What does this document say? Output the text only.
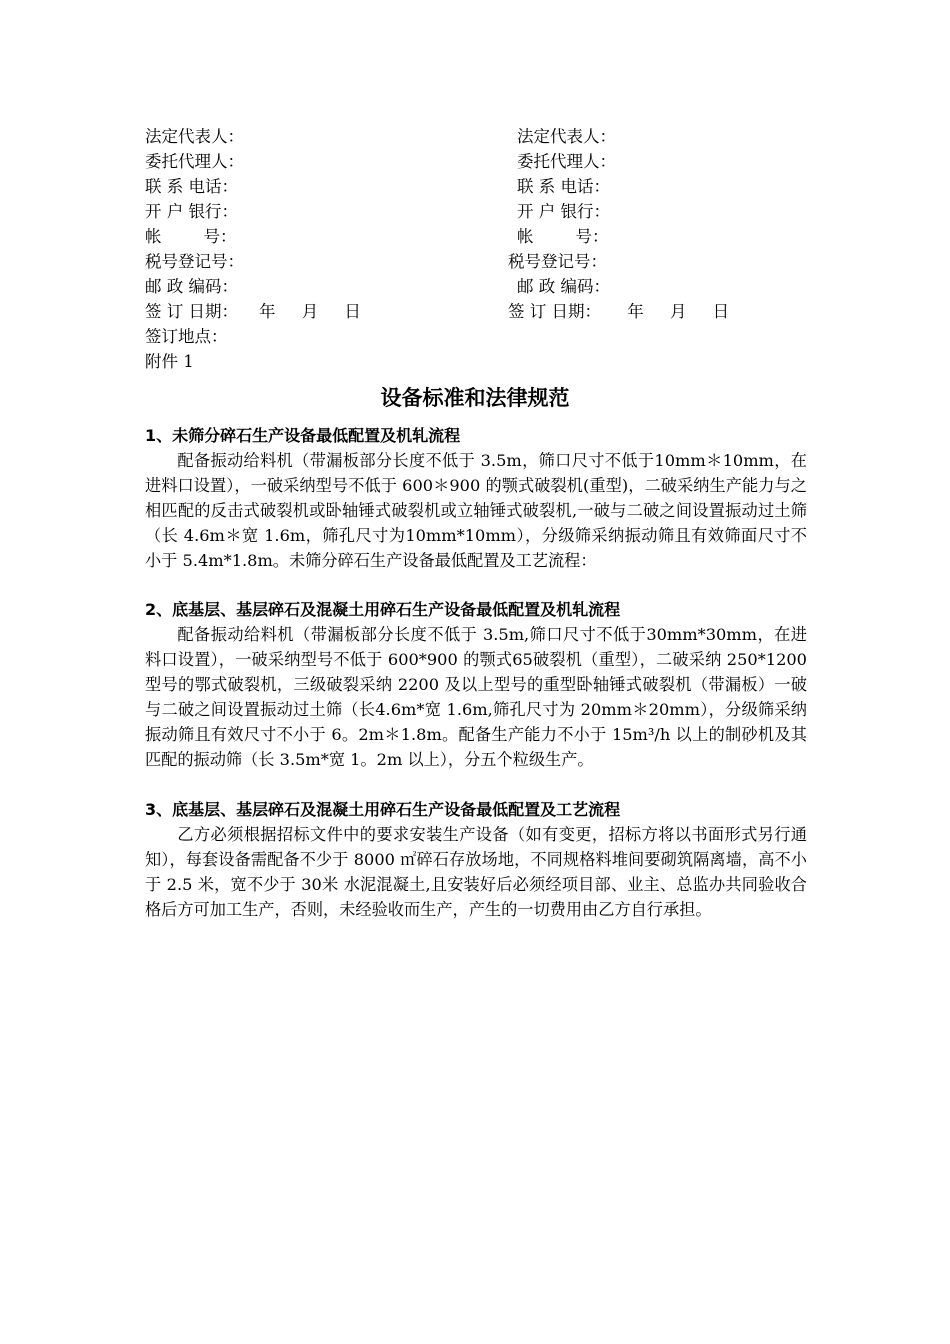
法定代表人：
委托代理人：
联 系 电话：
开 户 银行：
帐        号：
税号登记号：
邮 政 编码：
签 订 日期：    年     月     日
签订地点：
附件 1
法定代表人：
委托代理人：
联 系 电话：
开 户 银行：
帐        号：
税号登记号：
邮 政 编码：
签 订 日期：     年     月     日
设备标准和法律规范
1、未筛分碎石生产设备最低配置及机轧流程
配备振动给料机（带漏板部分长度不低于 3.5m，筛口尺寸不低于10mm＊10mm，在进料口设置），一破采纳型号不低于 600＊900 的颚式破裂机(重型)，二破采纳生产能力与之相匹配的反击式破裂机或卧轴锤式破裂机或立轴锤式破裂机,一破与二破之间设置振动过土筛（长 4.6m＊宽 1.6m，筛孔尺寸为10mm*10mm），分级筛采纳振动筛且有效筛面尺寸不小于 5.4m*1.8m。未筛分碎石生产设备最低配置及工艺流程：
2、底基层、基层碎石及混凝土用碎石生产设备最低配置及机轧流程
配备振动给料机（带漏板部分长度不低于 3.5m,筛口尺寸不低于30mm*30mm，在进料口设置），一破采纳型号不低于 600*900 的颚式65破裂机（重型），二破采纳 250*1200 型号的鄂式破裂机，三级破裂采纳 2200 及以上型号的重型卧轴锤式破裂机（带漏板）一破与二破之间设置振动过土筛（长4.6m*宽 1.6m,筛孔尺寸为 20mm＊20mm），分级筛采纳振动筛且有效尺寸不小于 6。2m＊1.8m。配备生产能力不小于 15m³/h 以上的制砂机及其匹配的振动筛（长 3.5m*宽 1。2m 以上），分五个粒级生产。
3、底基层、基层碎石及混凝土用碎石生产设备最低配置及工艺流程
乙方必须根据招标文件中的要求安装生产设备（如有变更，招标方将以书面形式另行通知），每套设备需配备不少于 8000 ㎡碎石存放场地，不同规格料堆间要砌筑隔离墙，高不小于 2.5 米，宽不少于 30米 水泥混凝土,且安装好后必须经项目部、业主、总监办共同验收合格后方可加工生产，否则，未经验收而生产，产生的一切费用由乙方自行承担。
